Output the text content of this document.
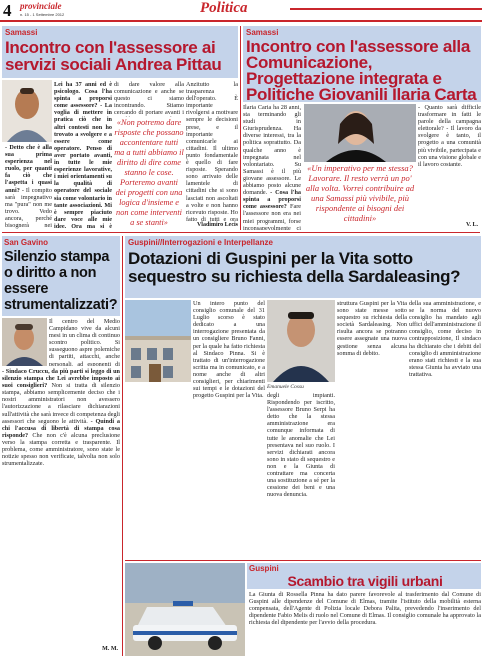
4 provinciale
n. 15 - 1 Settembre 2012	Politica
Samassi
Incontro con l'assessore ai servizi sociali Andrea Pittau
Lei ha 37 anni ed è psicologo. Cosa l'ha spinta a proporsi come assessore? - La voglia di mettere in pratica ciò che in altri contesti non ho trovato a svolgere e a essere come operatore. Penso di aver portato avanti, in tutte le mie esperienze lavorative, i miei orientamenti su la qualità di operatore del sociale sia come volontario in tante associazioni. Mi è sempre piaciuto dare voce alle mie idee. Ora ma si è
- Detto che è alla sua prima esperienza nel ruolo, per quanti fa ciò che l'aspetta i quasi anni? - Il compito sarà impegnativo ma "pura" non me trovo. Vedo ancora, perché bisognerà nei
«Non potremo dare risposte che possano accontentare tutti ma a tutti abbiamo il diritto di dire come stanno le cose. Porteremo avanti dei progetti con una logica d'insieme e non come interventi a se stanti»
di dare valore alla comunicazione e anche se questo ci siamo incontrando. Stiamo cercando di portare avanti i
Anzitutto la trasparenza dell'operato. È importante rivolgersi a motivare sempre le decisioni prese, e il importante comunicarle ai cittadini. Il ultimo punto fondamentale è quello di fare risposte. Sperando sono arrivato delle lamentele di cittadini che si sono lasciati non ascoltati a volte e non hanno ricevuto risposte. Ho fatto di tutti e ora
Vladimiro Lecis
Samassi
Incontro con l'assessore alla Comunicazione, Progettazione integrata e Politiche Giovanili Ilaria Carta
Ilaria Caria ha 28 anni, sta terminando gli studi in Giurisprudenza. Ha diverse interessi, tra la politica soprattutto. Da qualche anno è impegnata nel volontariato. Su Samassi è il più giovane assessore. Le abbiamo posto alcune domande. - Cosa l'ha spinta a proporsi come assessore? Fare l'assessore non era nei miei programmi, forse inconsapevolmente ci
«Un imperativo per me stessa? Lavorare. Il resto verrà un po' alla volta. Vorrei contribuire ad una Samassi più vivibile, più rispondente ai bisogni dei cittadini»
- Quanto sarà difficile trasformare in fatti le parole della campagna elettorale? - Il lavoro da svolgere è tanto, il progetto a una comunità più vivibile, partecipata e con una visione globale e il lavoro costante.
V. L.
San Gavino
Silenzio stampa o diritto a non essere strumentalizzati?
Il centro del Medio Campidano vive da alcuni mesi in un clima di continuo scontro politico. Si susseguono aspre polemiche di partiti, attacchi, anche personali, ad esponenti di
- Sindaco Cruccu, da più parti si leggo di un silenzio stampa che Lei avrebbe imposto ai suoi consiglieri? Non si tratta di silenzio stampa, abbiamo semplicemente deciso che i nostri amministratori non avessero l'autorizzazione a rilasciare dichiarazioni sull'attività che sarà invece di competenza degli assessori che seguono le attività. - Quindi a chi l'accusa di libertà di stampa cosa risponde? Che non c'è alcuna preclusione verso la stampa corretta e trasparente. Il problema, come amministratore, sono state le notizie spesso non verificate, talvolta non solo strumentalizzate.
M. M.
Guspini//Interrogazioni e Interpellanze
Dotazioni di Guspini per la Vita sotto sequestro su richiesta della Sardaleasing?
Un intero punto del consiglio comunale del 31 Luglio scorso è stato dedicato a una interrogazione presentata da un consigliere Bruno Fanni, per la quale ha fatto richiesta al Sindaco Pinna. Si è trattato di un'interrogazione scritta ma in comunicato, e a nome anche di altri consiglieri, per chiarimenti sui tempi e le dotazioni del progetto Guspini per la Vita.
Emanuele Cossu
degli impianti. Rispondendo per iscritto, l'assessore Bruno Serpi ha detto che la stessa amministrazione era comunque informata di tutte le anomalie che Lei presentava nel suo ruolo. I servizi dichiarati ancora sono in stato di sequestro e non e la Giunta di contrattare ma concerta una sostituzione a sé per la cessione dei beni e una nuova denuncia.
struttura Guspini per la Vita sono state messe sotto sequestro su richiesta della società Sardaleasing. Non risulta ancora se potranno essere assegnate una nuova gestione senza alcuna somma di debito.
della sua amministrazione, e se la norma del nuovo consiglio ha mandato agli uffici dell'amministrazione il consiglio, come deciso in contrapposizione, Il sindaco ha dichiarato che i debiti del consiglio di amministrazione erano stati richiesti e la sua stessa Giunta ha avviato una trattativa.
Guspini
Scambio tra vigili urbani
La Giunta di Rossella Pinna ha dato parere favorevole al trasferimento dal Comune di Guspini alle dipendenze del Comune di Elmas, tramite l'istituto della mobilità esterna compensata, dell'Agente di Polizia locale Debora Palita, prevedendo l'inserimento del dipendente Fabio Melis di ruolo nel Comune di Elmas. Il consiglio comunale ha approvato la richiesta del dipendente per l'avvio della procedura.
